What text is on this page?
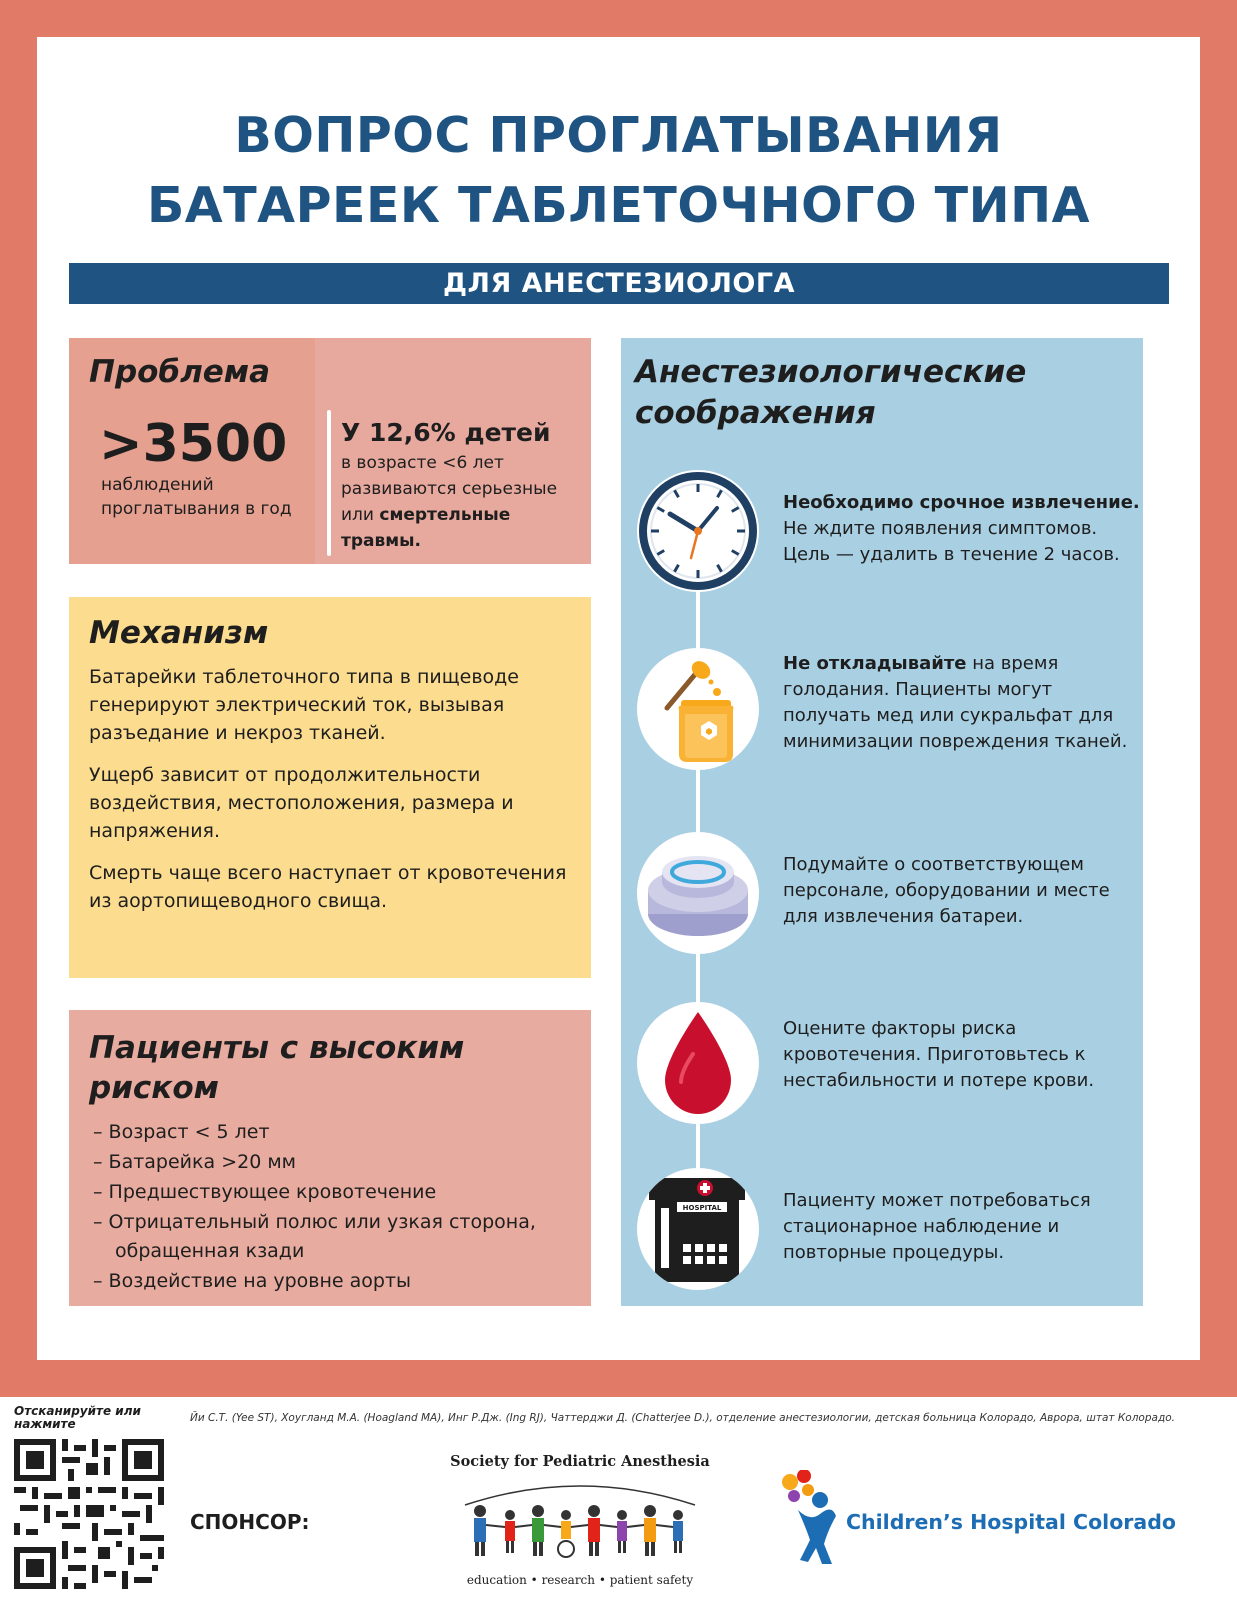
ВОПРОС ПРОГЛАТЫВАНИЯ
БАТАРЕЕК ТАБЛЕТОЧНОГО ТИПА
ДЛЯ АНЕСТЕЗИОЛОГА
Проблема
>3500
наблюдений проглатывания в год
У 12,6% детей
в возрасте <6 лет развиваются серьезные или смертельные травмы.
Механизм

Батарейки таблеточного типа в пищеводе генерируют электрический ток, вызывая разъедание и некроз тканей.

Ущерб зависит от продолжительности воздействия, местоположения, размера и напряжения.

Смерть чаще всего наступает от кровотечения из аортопищеводного свища.

Пациенты с высоким риском
– Возраст < 5 лет
– Батарейка >20 мм
– Предшествующее кровотечение
– Отрицательный полюс или узкая сторона, обращенная кзади
– Воздействие на уровне аорты
Анестезиологические соображения
Необходимо срочное извлечение. Не ждите появления симптомов. Цель — удалить в течение 2 часов.
Не откладывайте на время голодания. Пациенты могут получать мед или сукральфат для минимизации повреждения тканей.
Подумайте о соответствующем персонале, оборудовании и месте для извлечения батареи.
Оцените факторы риска кровотечения. Приготовьтесь к нестабильности и потере крови.
HOSPITAL	Пациенту может потребоваться стационарное наблюдение и повторные процедуры.
Отсканируйте или нажмите	Йи С.Т. (Yee ST), Хоугланд М.А. (Hoagland MA), Инг Р.Дж. (Ing RJ), Чаттерджи Д. (Chatterjee D.), отделение анестезиологии, детская больница Колорадо, Аврора, штат Колорадо.
СПОНСОР:
Society for Pediatric Anesthesia
education • research • patient safety
Children’s Hospital Colorado
